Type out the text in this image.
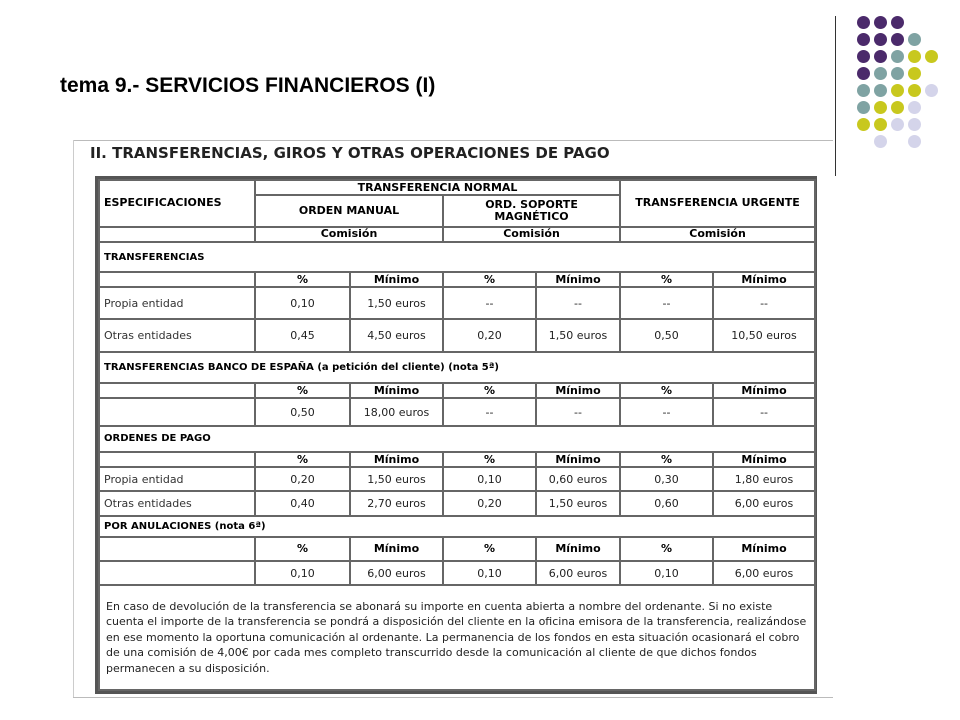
tema 9.- SERVICIOS FINANCIEROS (I)
II. TRANSFERENCIAS, GIROS Y OTRAS OPERACIONES DE PAGO
ESPECIFICACIONES	TRANSFERENCIA NORMAL				TRANSFERENCIA URGENTE	
	ORDEN MANUAL		ORD. SOPORTE MAGNÉTICO			
	Comisión		Comisión		Comisión	
TRANSFERENCIAS						
	%	Mínimo	%	Mínimo	%	Mínimo
Propia entidad	0,10	1,50 euros	--	--	--	--
Otras entidades	0,45	4,50 euros	0,20	1,50 euros	0,50	10,50 euros
TRANSFERENCIAS BANCO DE ESPAÑA (a petición del cliente) (nota 5ª)						
	%	Mínimo	%	Mínimo	%	Mínimo
	0,50	18,00 euros	--	--	--	--
ORDENES DE PAGO						
	%	Mínimo	%	Mínimo	%	Mínimo
Propia entidad	0,20	1,50 euros	0,10	0,60 euros	0,30	1,80 euros
Otras entidades	0,40	2,70 euros	0,20	1,50 euros	0,60	6,00 euros
POR ANULACIONES (nota 6ª)						
	%	Mínimo	%	Mínimo	%	Mínimo
	0,10	6,00 euros	0,10	6,00 euros	0,10	6,00 euros
En caso de devolución de la transferencia se abonará su importe en cuenta abierta a nombre del ordenante. Si no existe cuenta el importe de la transferencia se pondrá a disposición del cliente en la oficina emisora de la transferencia, realizándose en ese momento la oportuna comunicación al ordenante. La permanencia de los fondos en esta situación ocasionará el cobro de una comisión de 4,00€ por cada mes completo transcurrido desde la comunicación al cliente de que dichos fondos permanecen a su disposición.						
